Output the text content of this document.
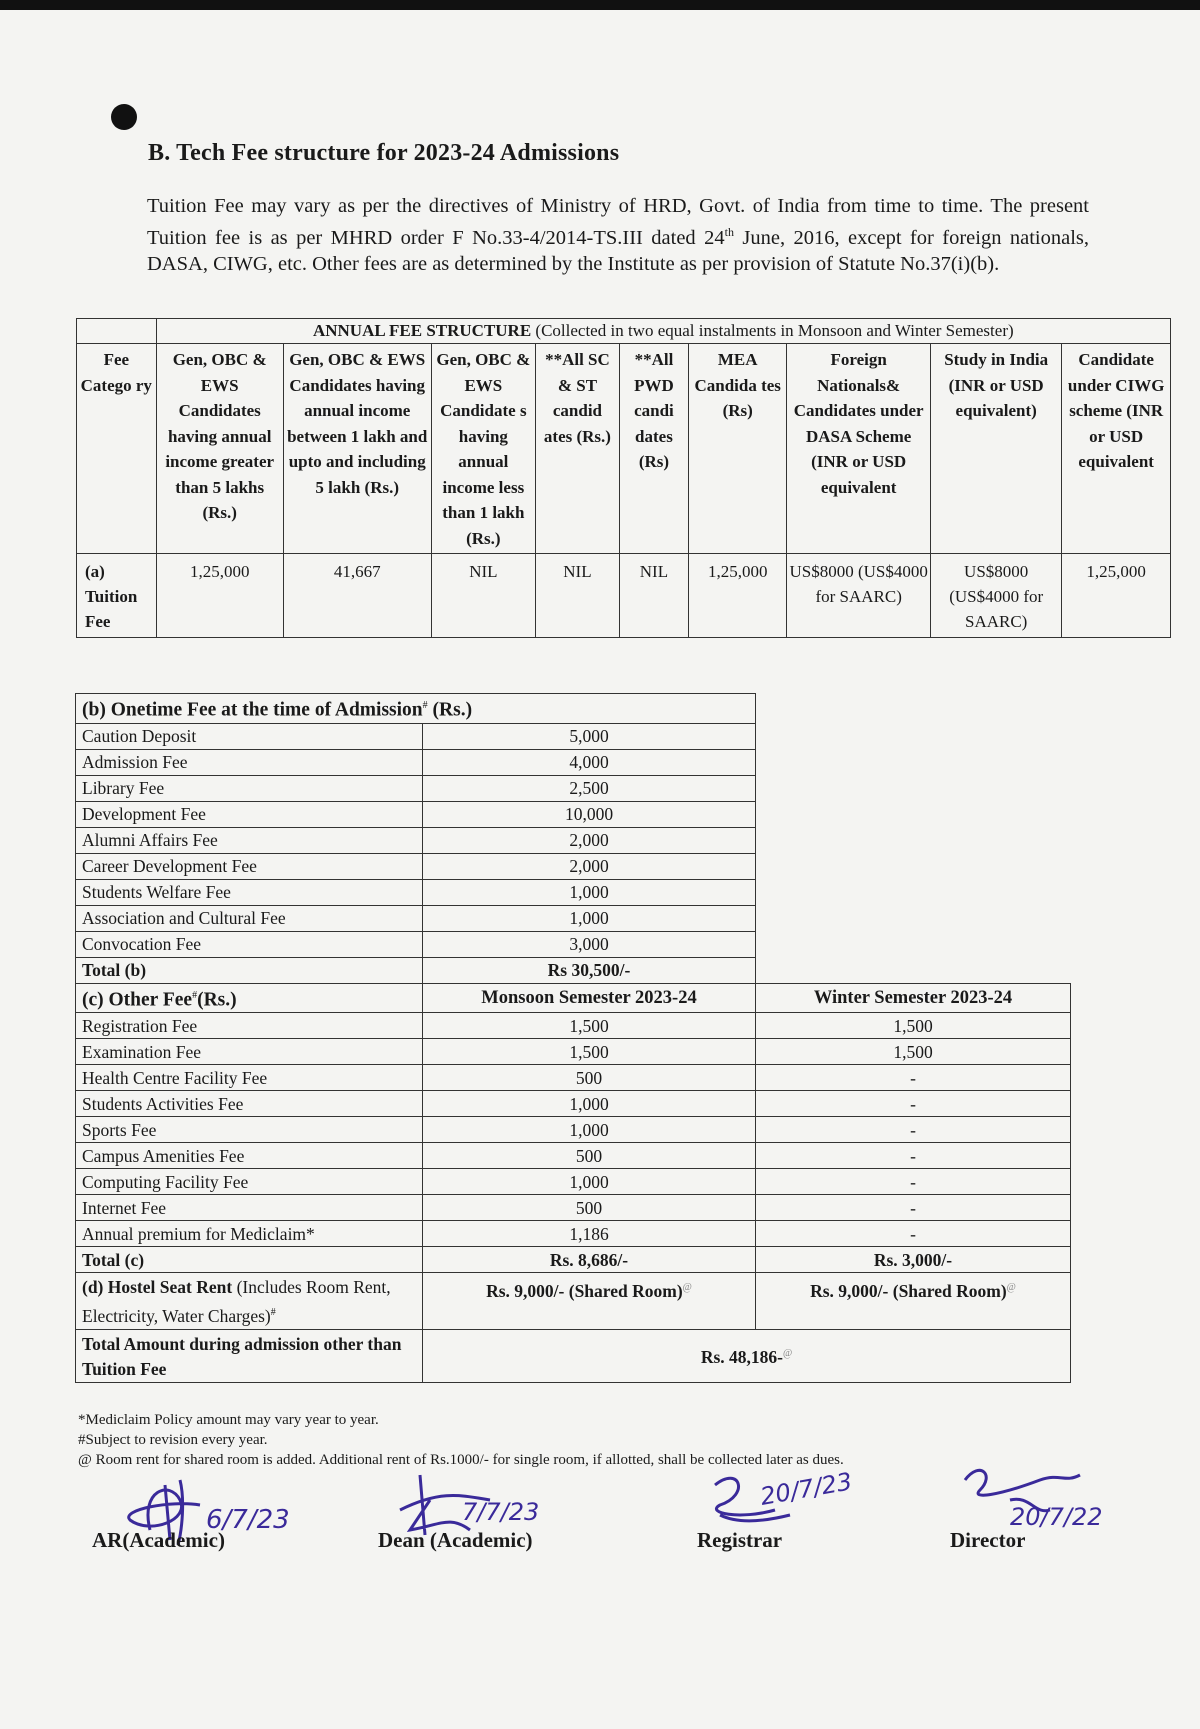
B. Tech Fee structure for 2023-24 Admissions

Tuition Fee may vary as per the directives of Ministry of HRD, Govt. of India from time to time. The present Tuition fee is as per MHRD order F No.33-4/2014-TS.III dated 24th June, 2016, except for foreign nationals, DASA, CIWG, etc. Other fees are as determined by the Institute as per provision of Statute No.37(i)(b).

	ANNUAL FEE STRUCTURE (Collected in two equal instalments in Monsoon and Winter Semester)								
Fee Catego ry	Gen, OBC & EWS Candidates having annual income greater than 5 lakhs (Rs.)	Gen, OBC & EWS Candidates having annual income between 1 lakh and upto and including 5 lakh (Rs.)	Gen, OBC & EWS Candidate s having annual income less than 1 lakh (Rs.)	**All SC & ST candid ates (Rs.)	**All PWD candi dates (Rs)	MEA Candida tes (Rs)	Foreign Nationals& Candidates under DASA Scheme (INR or USD equivalent	Study in India (INR or USD equivalent)	Candidate under CIWG scheme (INR or USD equivalent
(a) Tuition Fee	1,25,000	41,667	NIL	NIL	NIL	1,25,000	US$8000 (US$4000 for SAARC)	US$8000 (US$4000 for SAARC)	1,25,000
(b) Onetime Fee at the time of Admission# (Rs.)		
Caution Deposit	5,000	
Admission Fee	4,000	
Library Fee	2,500	
Development Fee	10,000	
Alumni Affairs Fee	2,000	
Career Development Fee	2,000	
Students Welfare Fee	1,000	
Association and Cultural Fee	1,000	
Convocation Fee	3,000	
Total (b)	Rs 30,500/-	
(c) Other Fee#(Rs.)	Monsoon Semester 2023-24	Winter Semester 2023-24
Registration Fee	1,500	1,500
Examination Fee	1,500	1,500
Health Centre Facility Fee	500	-
Students Activities Fee	1,000	-
Sports Fee	1,000	-
Campus Amenities Fee	500	-
Computing Facility Fee	1,000	-
Internet Fee	500	-
Annual premium for Mediclaim*	1,186	-
Total (c)	Rs. 8,686/-	Rs. 3,000/-
(d) Hostel Seat Rent (Includes Room Rent, Electricity, Water Charges)#	Rs. 9,000/- (Shared Room)@	Rs. 9,000/- (Shared Room)@
Total Amount during admission other than Tuition Fee	Rs. 48,186-@
*Mediclaim Policy amount may vary year to year.
#Subject to revision every year.
@ Room rent for shared room is added. Additional rent of Rs.1000/- for single room, if allotted, shall be collected later as dues.
6/7/23	7/7/23
20/7/23
20/7/22
AR(Academic)	Dean (Academic)	Registrar	Director
